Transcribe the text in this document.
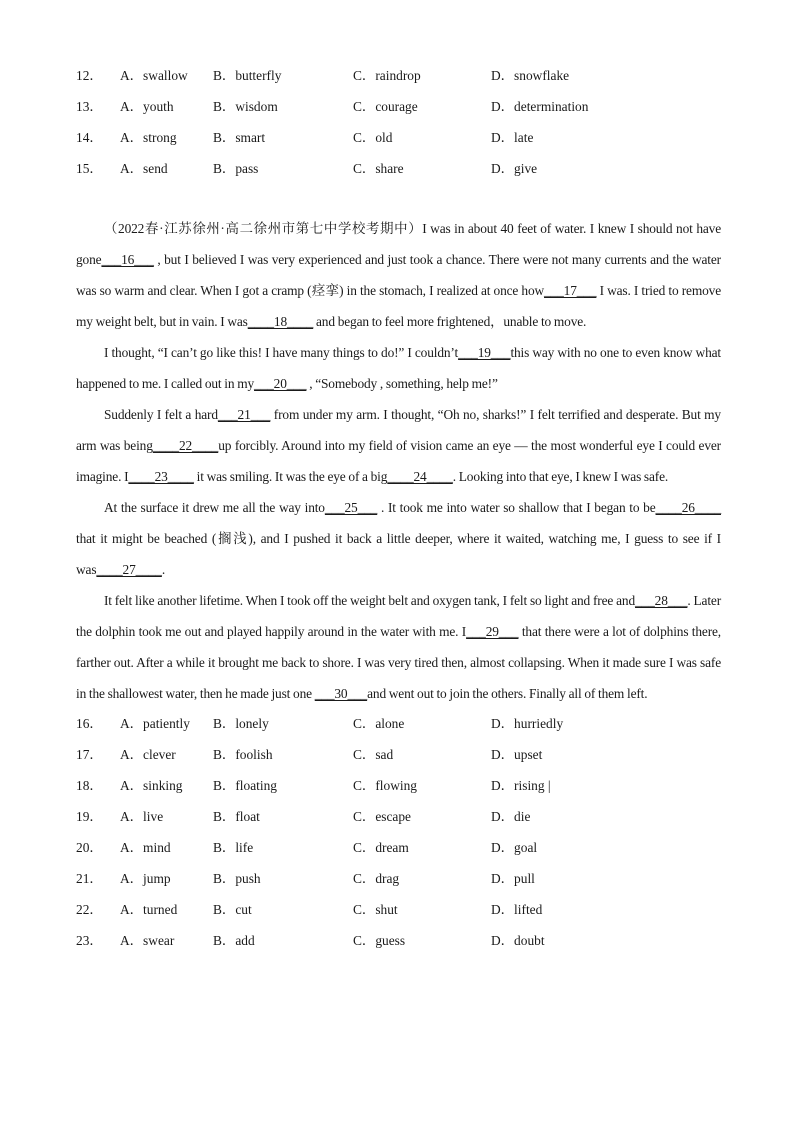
12．	A．swallow	B．butterfly	C．raindrop	D．snowflake
13．	A．youth	B．wisdom	C．courage	D．determination
14．	A．strong	B．smart	C．old	D．late
15．	A．send	B．pass	C．share	D．give

（2022春·江苏徐州·高二徐州市第七中学校考期中）I was in about 40 feet of water. I knew I should not have gone___16___ , but I believed I was very experienced and just took a chance. There were not many currents and the water was so warm and clear. When I got a cramp (痉挛) in the stomach, I realized at once how___17___ I was. I tried to remove my weight belt, but in vain. I was____18____ and began to feel more frightened，unable to move.

I thought, “I can’t go like this! I have many things to do!” I couldn’t___19___this way with no one to even know what happened to me. I called out in my___20___ , “Somebody , something, help me!”

Suddenly I felt a hard___21___ from under my arm. I thought, “Oh no, sharks!” I felt terrified and desperate. But my arm was being____22____up forcibly. Around into my field of vision came an eye — the most wonderful eye I could ever imagine. I____23____ it was smiling. It was the eye of a big____24____. Looking into that eye, I knew I was safe.

At the surface it drew me all the way into___25___ . It took me into water so shallow that I began to be____26____ that it might be beached (搁浅), and I pushed it back a little deeper, where it waited, watching me, I guess to see if I was____27____.

It felt like another lifetime. When I took off the weight belt and oxygen tank, I felt so light and free and___28___. Later the dolphin took me out and played happily around in the water with me. I___29___ that there were a lot of dolphins there, farther out. After a while it brought me back to shore. I was very tired then, almost collapsing. When it made sure I was safe in the shallowest water, then he made just one ___30___and went out to join the others. Finally all of them left.

16．	A．patiently	B．lonely	C．alone	D．hurriedly
17．	A．clever	B．foolish	C．sad	D．upset
18．	A．sinking	B．floating	C．flowing	D．rising |
19．	A．live	B．float	C．escape	D．die
20．	A．mind	B．life	C．dream	D．goal
21．	A．jump	B．push	C．drag	D．pull
22．	A．turned	B．cut	C．shut	D．lifted
23．	A．swear	B．add	C．guess	D．doubt
